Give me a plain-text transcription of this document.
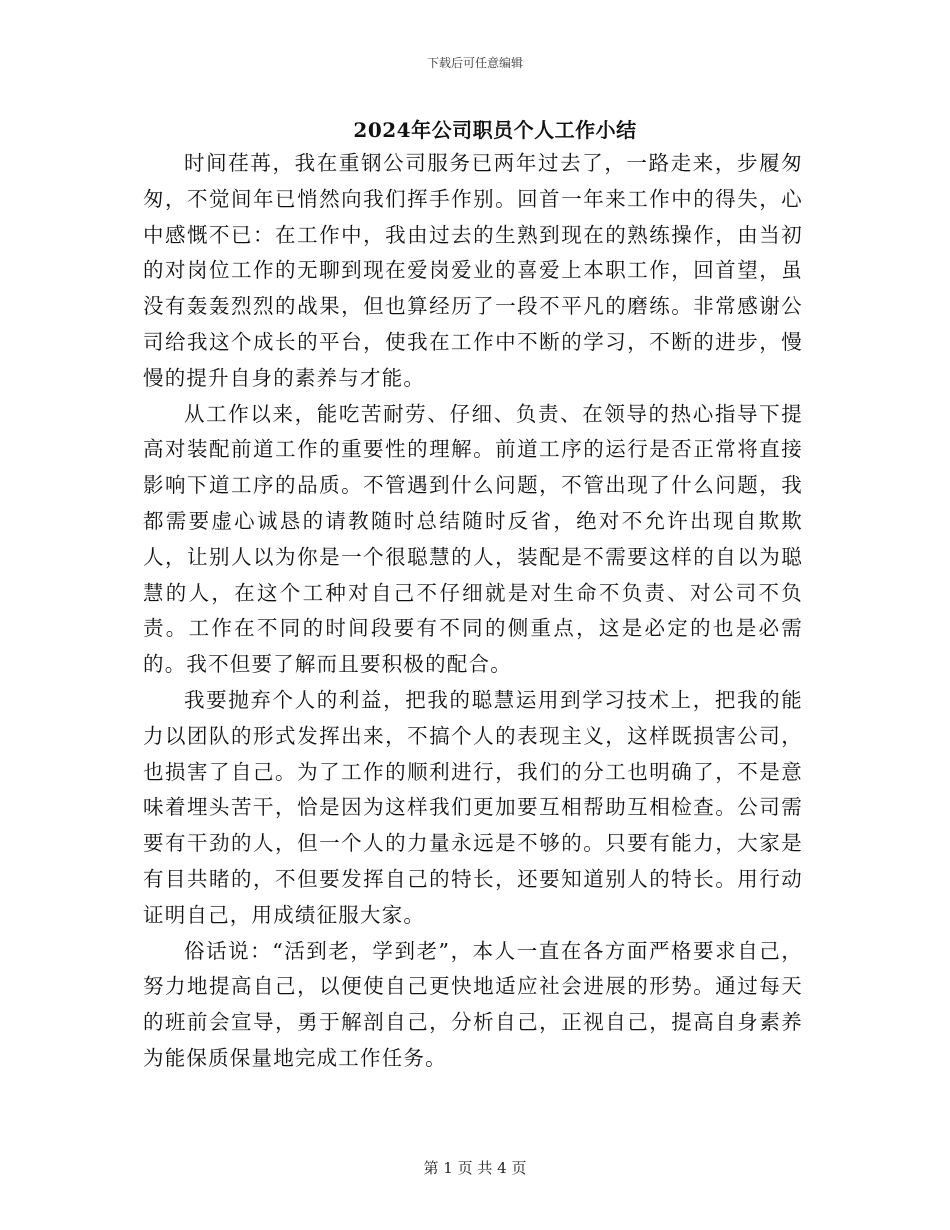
下载后可任意编辑
2024年公司职员个人工作小结

时间荏苒，我在重钢公司服务已两年过去了，一路走来，步履匆匆，不觉间年已悄然向我们挥手作别。回首一年来工作中的得失，心中感慨不已：在工作中，我由过去的生熟到现在的熟练操作，由当初的对岗位工作的无聊到现在爱岗爱业的喜爱上本职工作，回首望，虽没有轰轰烈烈的战果，但也算经历了一段不平凡的磨练。非常感谢公司给我这个成长的平台，使我在工作中不断的学习，不断的进步，慢慢的提升自身的素养与才能。

从工作以来，能吃苦耐劳、仔细、负责、在领导的热心指导下提高对装配前道工作的重要性的理解。前道工序的运行是否正常将直接影响下道工序的品质。不管遇到什么问题，不管出现了什么问题，我都需要虚心诚恳的请教随时总结随时反省，绝对不允许出现自欺欺人，让别人以为你是一个很聪慧的人，装配是不需要这样的自以为聪慧的人，在这个工种对自己不仔细就是对生命不负责、对公司不负责。工作在不同的时间段要有不同的侧重点，这是必定的也是必需的。我不但要了解而且要积极的配合。

我要抛弃个人的利益，把我的聪慧运用到学习技术上，把我的能力以团队的形式发挥出来，不搞个人的表现主义，这样既损害公司，也损害了自己。为了工作的顺利进行，我们的分工也明确了，不是意味着埋头苦干，恰是因为这样我们更加要互相帮助互相检查。公司需要有干劲的人，但一个人的力量永远是不够的。只要有能力，大家是有目共睹的，不但要发挥自己的特长，还要知道别人的特长。用行动证明自己，用成绩征服大家。

俗话说：“活到老，学到老”，本人一直在各方面严格要求自己，努力地提高自己，以便使自己更快地适应社会进展的形势。通过每天的班前会宣导，勇于解剖自己，分析自己，正视自己，提高自身素养为能保质保量地完成工作任务。

第 1 页 共 4 页
